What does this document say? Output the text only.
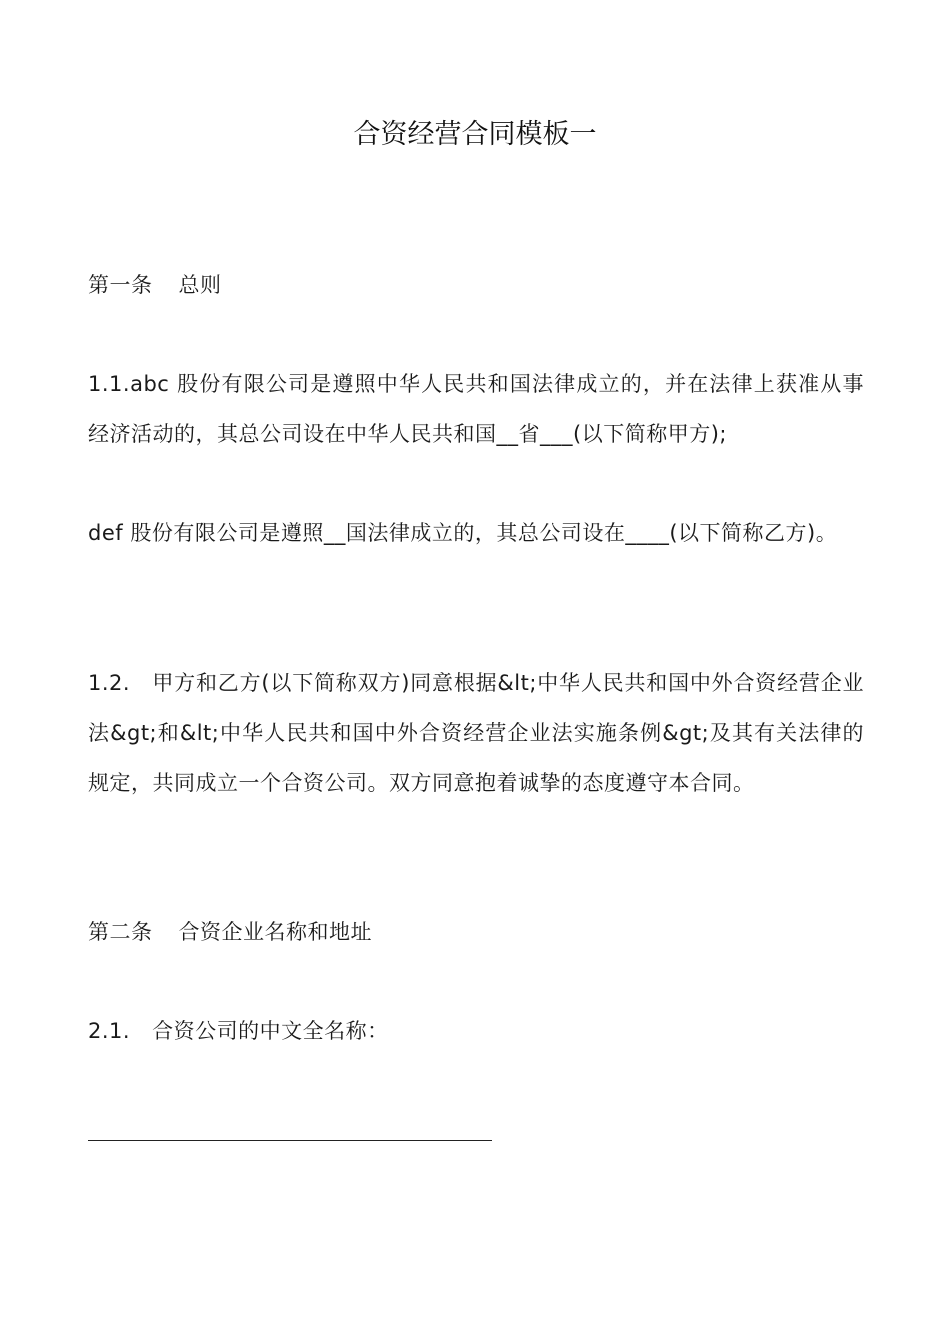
合资经营合同模板一

第一条 总则

1.1.abc 股份有限公司是遵照中华人民共和国法律成立的，并在法律上获准从事经济活动的，其总公司设在中华人民共和国__省___(以下简称甲方);

def 股份有限公司是遵照__国法律成立的，其总公司设在____(以下简称乙方)。

1.2. 甲方和乙方(以下简称双方)同意根据&lt;中华人民共和国中外合资经营企业法&gt;和&lt;中华人民共和国中外合资经营企业法实施条例&gt;及其有关法律的规定，共同成立一个合资公司。双方同意抱着诚挚的态度遵守本合同。

第二条 合资企业名称和地址

2.1. 合资公司的中文全名称：
